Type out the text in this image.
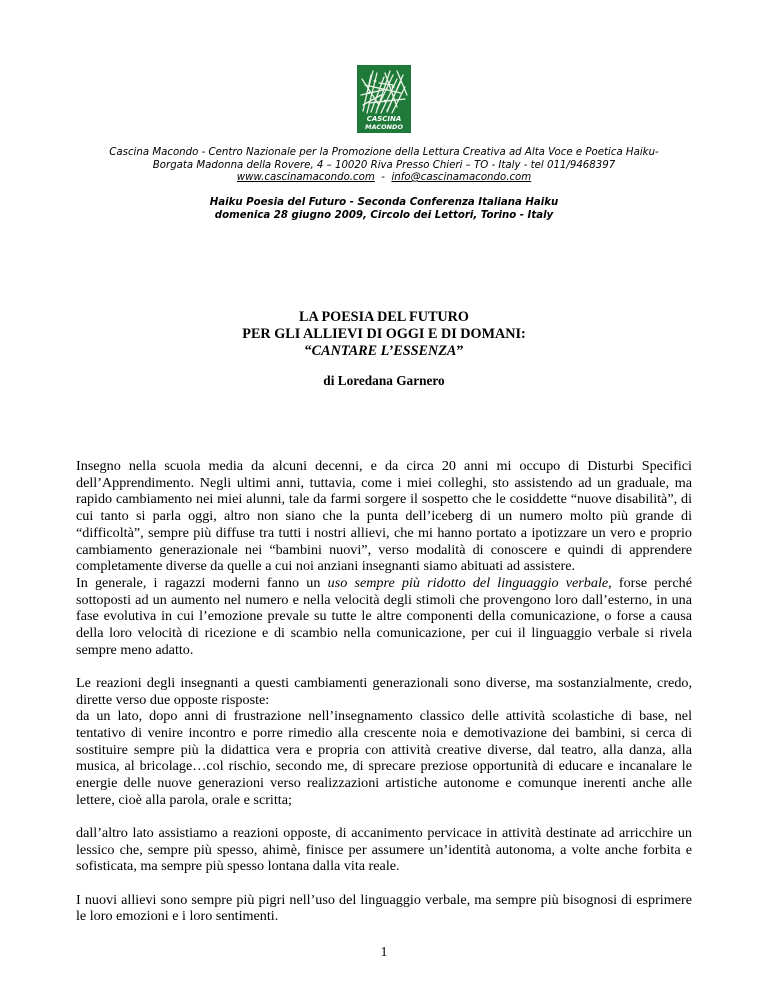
CASCINA
MACONDO
Cascina Macondo - Centro Nazionale per la Promozione della Lettura Creativa ad Alta Voce e Poetica Haiku-
Borgata Madonna della Rovere, 4 – 10020 Riva Presso Chieri – TO - Italy - tel 011/9468397
www.cascinamacondo.com - info@cascinamacondo.com
Haiku Poesia del Futuro - Seconda Conferenza Italiana Haiku
domenica 28 giugno 2009, Circolo dei Lettori, Torino - Italy
LA POESIA DEL FUTURO
PER GLI ALLIEVI DI OGGI E DI DOMANI:
“CANTARE L’ESSENZA”
di Loredana Garnero

Insegno nella scuola media da alcuni decenni, e da circa 20 anni mi occupo di Disturbi Specifici dell’Apprendimento. Negli ultimi anni, tuttavia, come i miei colleghi, sto assistendo ad un graduale, ma rapido cambiamento nei miei alunni, tale da farmi sorgere il sospetto che le cosiddette “nuove disabilità”, di cui tanto si parla oggi, altro non siano che la punta dell’iceberg di un numero molto più grande di “difficoltà”, sempre più diffuse tra tutti i nostri allievi, che mi hanno portato a ipotizzare un vero e proprio cambiamento generazionale nei “bambini nuovi”, verso modalità di conoscere e quindi di apprendere completamente diverse da quelle a cui noi anziani insegnanti siamo abituati ad assistere.

In generale, i ragazzi moderni fanno un uso sempre più ridotto del linguaggio verbale, forse perché sottoposti ad un aumento nel numero e nella velocità degli stimoli che provengono loro dall’esterno, in una fase evolutiva in cui l’emozione prevale su tutte le altre componenti della comunicazione, o forse a causa della loro velocità di ricezione e di scambio nella comunicazione, per cui il linguaggio verbale si rivela sempre meno adatto.

Le reazioni degli insegnanti a questi cambiamenti generazionali sono diverse, ma sostanzialmente, credo, dirette verso due opposte risposte:

da un lato, dopo anni di frustrazione nell’insegnamento classico delle attività scolastiche di base, nel tentativo di venire incontro e porre rimedio alla crescente noia e demotivazione dei bambini, si cerca di sostituire sempre più la didattica vera e propria con attività creative diverse, dal teatro, alla danza, alla musica, al bricolage…col rischio, secondo me, di sprecare preziose opportunità di educare e incanalare le energie delle nuove generazioni verso realizzazioni artistiche autonome e comunque inerenti anche alle lettere, cioè alla parola, orale e scritta;

dall’altro lato assistiamo a reazioni opposte, di accanimento pervicace in attività destinate ad arricchire un lessico che, sempre più spesso, ahimè, finisce per assumere un’identità autonoma, a volte anche forbita e sofisticata, ma sempre più spesso lontana dalla vita reale.

I nuovi allievi sono sempre più pigri nell’uso del linguaggio verbale, ma sempre più bisognosi di esprimere le loro emozioni e i loro sentimenti.

1
